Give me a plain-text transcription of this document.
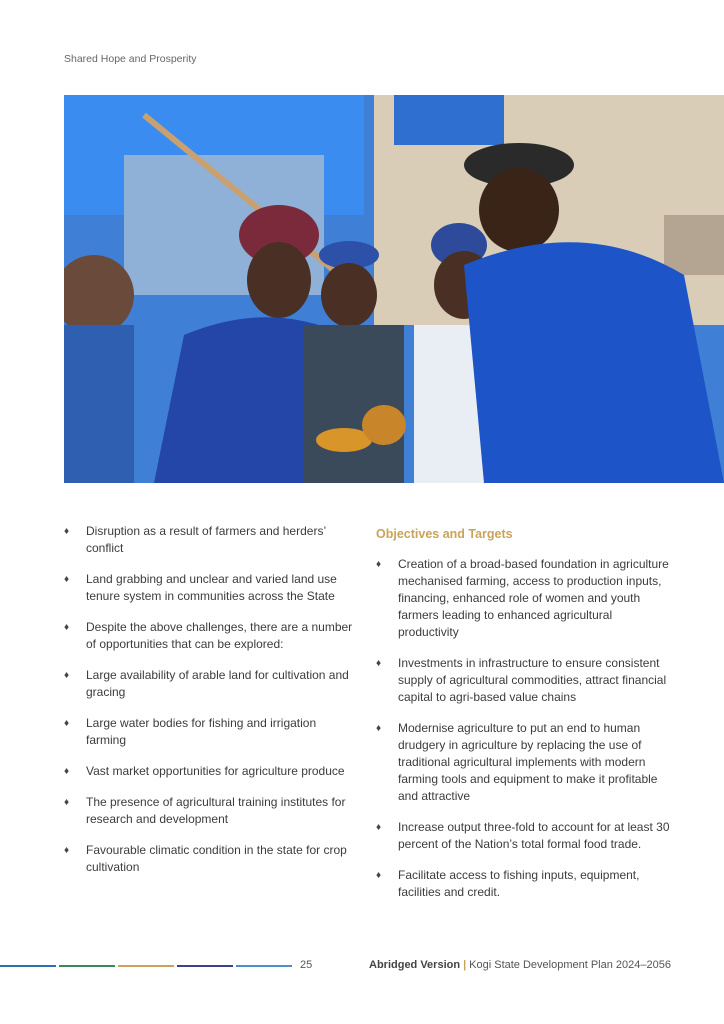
Shared Hope and Prosperity
♦ Disruption as a result of farmers and herders’ conflict
♦ Land grabbing and unclear and varied land use tenure system in communities across the State
♦ Despite the above challenges, there are a number of opportunities that can be explored:
♦ Large availability of arable land for cultivation and gracing
♦ Large water bodies for fishing and irrigation farming
♦ Vast market opportunities for agriculture produce
♦ The presence of agricultural training institutes for research and development
♦ Favourable climatic condition in the state for crop cultivation
Objectives and Targets
♦ Creation of a broad-based foundation in agriculture mechanised farming, access to production inputs, financing, enhanced role of women and youth farmers leading to enhanced agricultural productivity
♦ Investments in infrastructure to ensure consistent supply of agricultural commodities, attract financial capital to agri-based value chains
♦ Modernise agriculture to put an end to human drudgery in agriculture by replacing the use of traditional agricultural implements with modern farming tools and equipment to make it profitable and attractive
♦ Increase output three-fold to account for at least 30 percent of the Nation’s total formal food trade.
♦ Facilitate access to fishing inputs, equipment, facilities and credit.
25	Abridged Version | Kogi State Development Plan 2024–2056
